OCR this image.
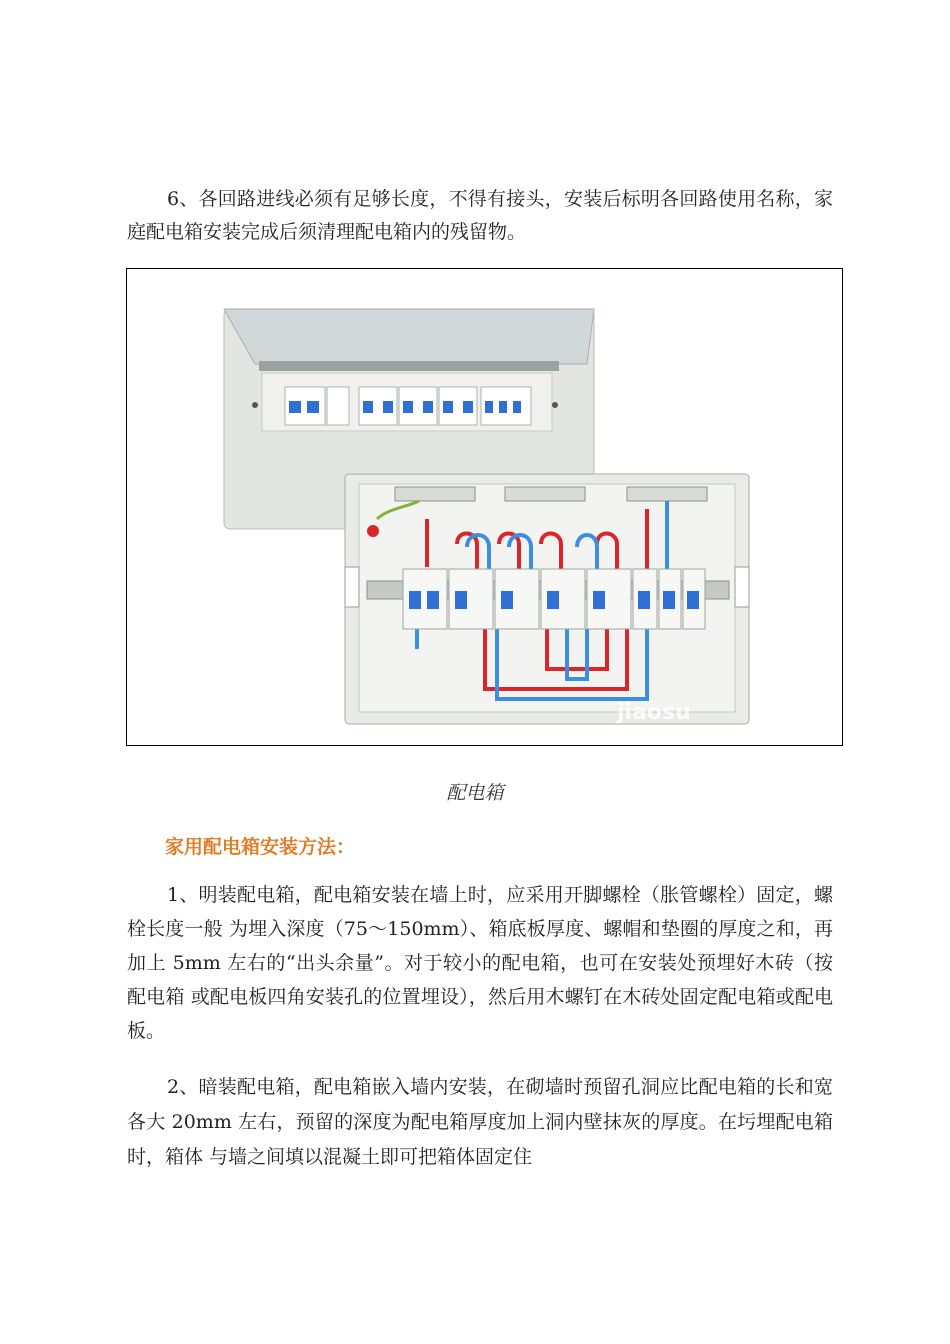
6、各回路进线必须有足够长度，不得有接头，安装后标明各回路使用名称，家庭配电箱安装完成后须清理配电箱内的残留物。

jiaosu
配电箱
家用配电箱安装方法：

1、明装配电箱，配电箱安装在墙上时，应采用开脚螺栓（胀管螺栓）固定，螺栓长度一般 为埋入深度（75～150mm）、箱底板厚度、螺帽和垫圈的厚度之和，再加上 5mm 左右的“出头余量”。对于较小的配电箱，也可在安装处预埋好木砖（按配电箱 或配电板四角安装孔的位置埋设），然后用木螺钉在木砖处固定配电箱或配电板。

2、暗装配电箱，配电箱嵌入墙内安装，在砌墙时预留孔洞应比配电箱的长和宽各大 20mm 左右，预留的深度为配电箱厚度加上洞内壁抹灰的厚度。在圬埋配电箱时，箱体 与墙之间填以混凝土即可把箱体固定住
